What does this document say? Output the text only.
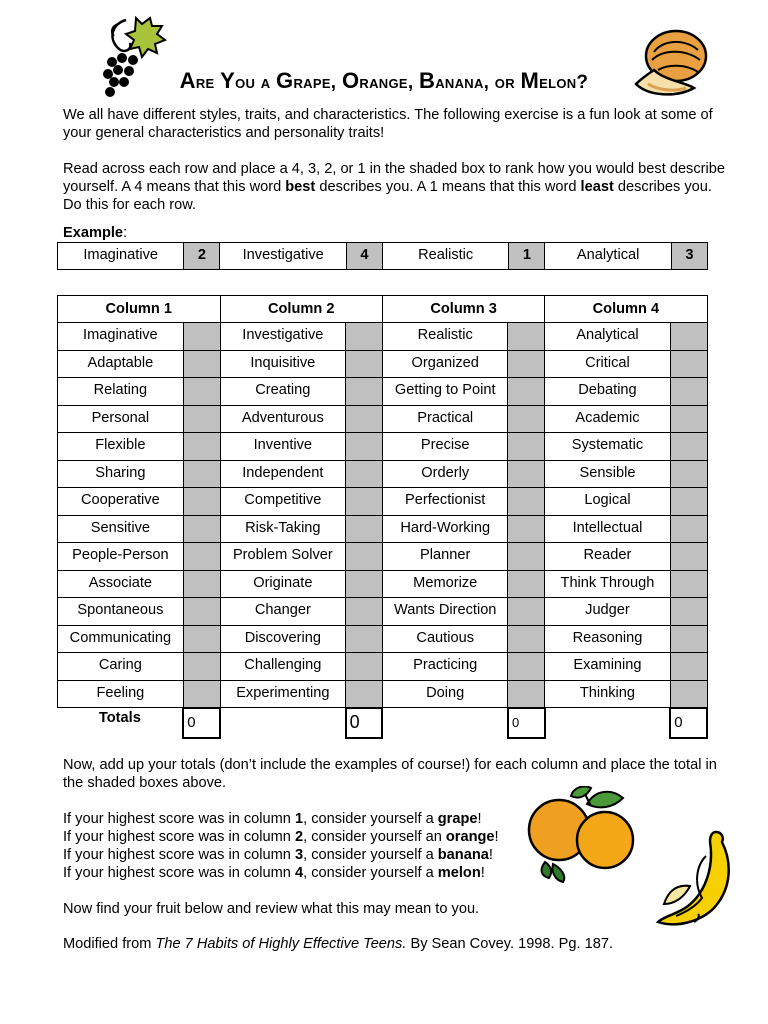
Are You a Grape, Orange, Banana, or Melon?

We all have different styles, traits, and characteristics. The following exercise is a fun look at some of your general characteristics and personality traits!

Read across each row and place a 4, 3, 2, or 1 in the shaded box to rank how you would best describe yourself. A 4 means that this word best describes you. A 1 means that this word least describes you. Do this for each row.

Example:
Imaginative	2	Investigative	4	Realistic	1	Analytical	3
Column 1		Column 2		Column 3		Column 4	
Imaginative		Investigative		Realistic		Analytical	
Adaptable		Inquisitive		Organized		Critical	
Relating		Creating		Getting to Point		Debating	
Personal		Adventurous		Practical		Academic	
Flexible		Inventive		Precise		Systematic	
Sharing		Independent		Orderly		Sensible	
Cooperative		Competitive		Perfectionist		Logical	
Sensitive		Risk-Taking		Hard-Working		Intellectual	
People-Person		Problem Solver		Planner		Reader	
Associate		Originate		Memorize		Think Through	
Spontaneous		Changer		Wants Direction		Judger	
Communicating		Discovering		Cautious		Reasoning	
Caring		Challenging		Practicing		Examining	
Feeling		Experimenting		Doing		Thinking	
Totals	0		0		0		0

Now, add up your totals (don’t include the examples of course!) for each column and place the total in the shaded boxes above.

If your highest score was in column 1, consider yourself a grape!
If your highest score was in column 2, consider yourself an orange!
If your highest score was in column 3, consider yourself a banana!
If your highest score was in column 4, consider yourself a melon!

Now find your fruit below and review what this may mean to you.

Modified from The 7 Habits of Highly Effective Teens. By Sean Covey. 1998. Pg. 187.
